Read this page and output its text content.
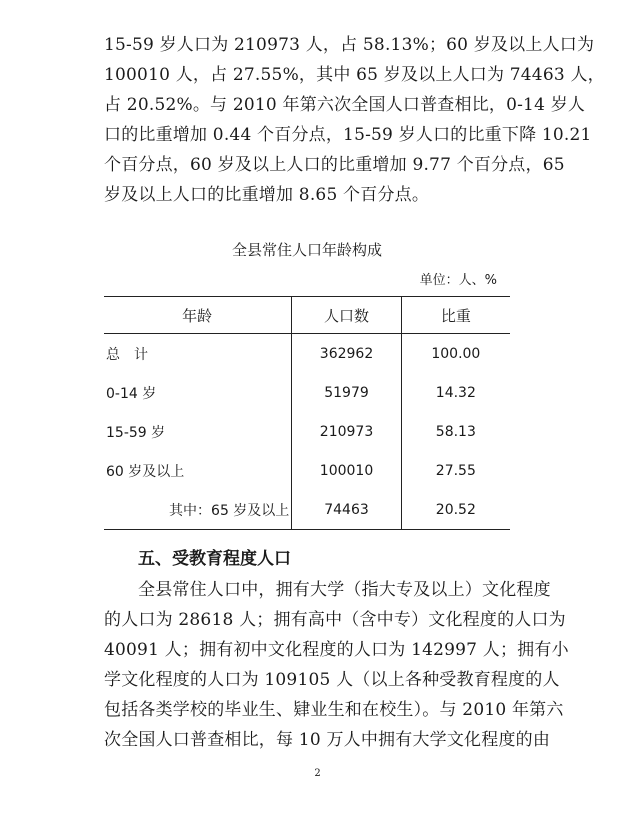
15-59 岁人口为 210973 人，占 58.13%；60 岁及以上人口为
100010 人，占 27.55%，其中 65 岁及以上人口为 74463 人，
占 20.52%。与 2010 年第六次全国人口普查相比，0-14 岁人
口的比重增加 0.44 个百分点，15-59 岁人口的比重下降 10.21
个百分点，60 岁及以上人口的比重增加 9.77 个百分点，65
岁及以上人口的比重增加 8.65 个百分点。
全县常住人口年龄构成
单位：人、%
年龄	人口数	比重
总　计	362962	100.00
0-14 岁	51979	14.32
15-59 岁	210973	58.13
60 岁及以上	100010	27.55
其中：65 岁及以上	74463	20.52
五、受教育程度人口
全县常住人口中，拥有大学（指大专及以上）文化程度
的人口为 28618 人；拥有高中（含中专）文化程度的人口为
40091 人；拥有初中文化程度的人口为 142997 人；拥有小
学文化程度的人口为 109105 人（以上各种受教育程度的人
包括各类学校的毕业生、肄业生和在校生）。与 2010 年第六
次全国人口普查相比，每 10 万人中拥有大学文化程度的由
2
